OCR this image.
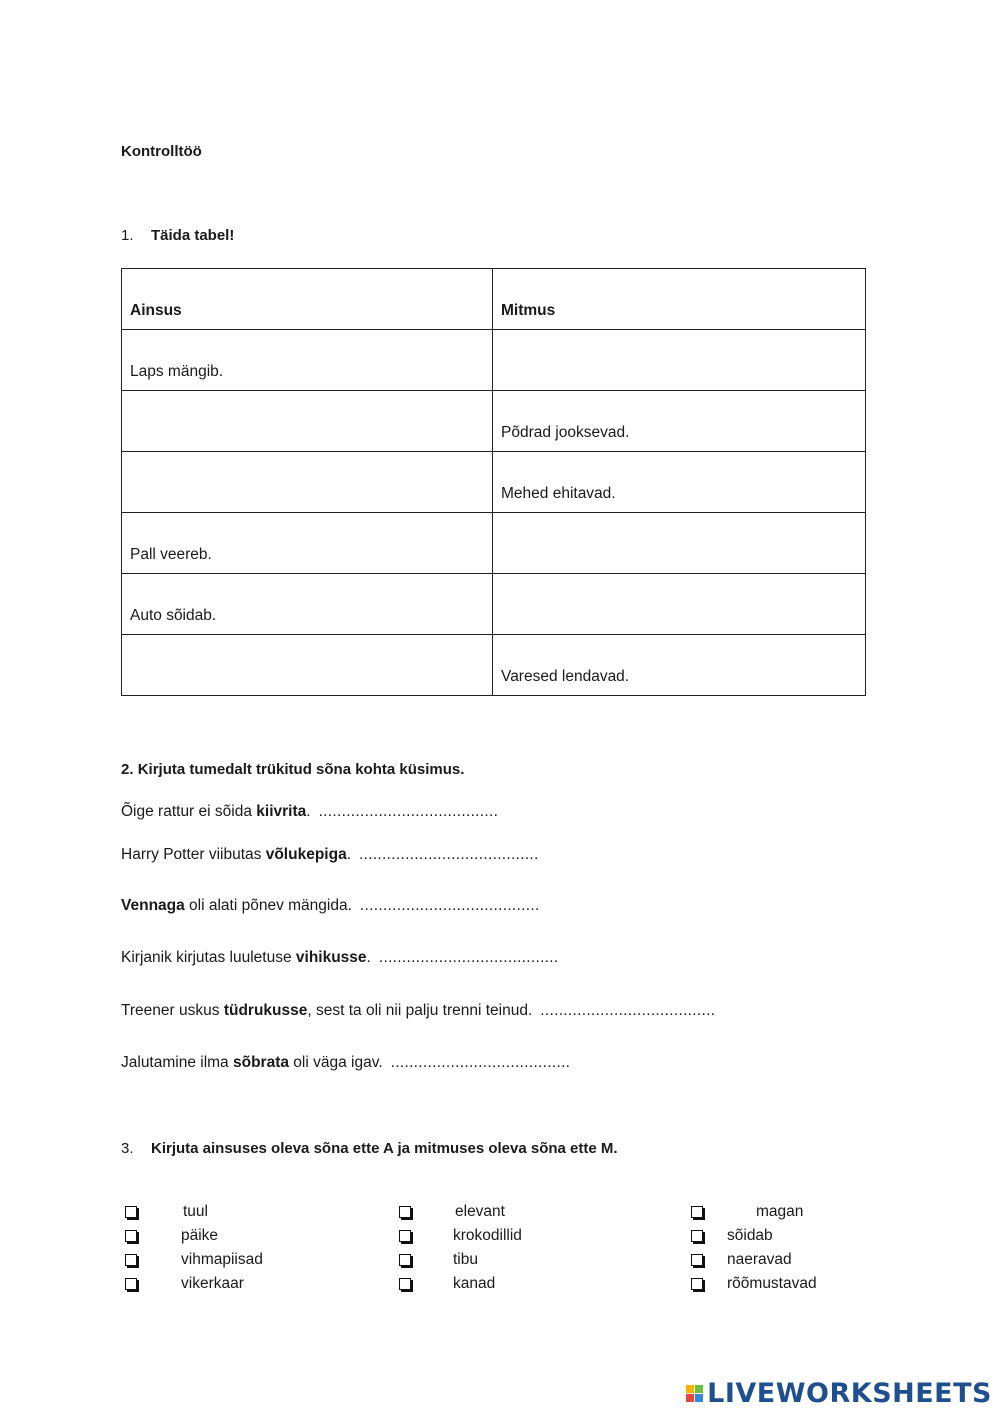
Kontrolltöö
1. Täida tabel!
Ainsus	Mitmus
Laps mängib.	
	Põdrad jooksevad.
	Mehed ehitavad.
Pall veereb.	
Auto sõidab.	
	Varesed lendavad.
2. Kirjuta tumedalt trükitud sõna kohta küsimus.
Õige rattur ei sõida kiivrita. .......................................
Harry Potter viibutas võlukepiga. .......................................
Vennaga oli alati põnev mängida. .......................................
Kirjanik kirjutas luuletuse vihikusse. .......................................
Treener uskus tüdrukusse, sest ta oli nii palju trenni teinud. ......................................
Jalutamine ilma sõbrata oli väga igav. .......................................
3. Kirjuta ainsuses oleva sõna ette A ja mitmuses oleva sõna ette M.
tuul
päike
vihmapiisad
vikerkaar
elevant
krokodillid
tibu
kanad
magan
sõidab
naeravad
rõõmustavad
LIVEWORKSHEETS
